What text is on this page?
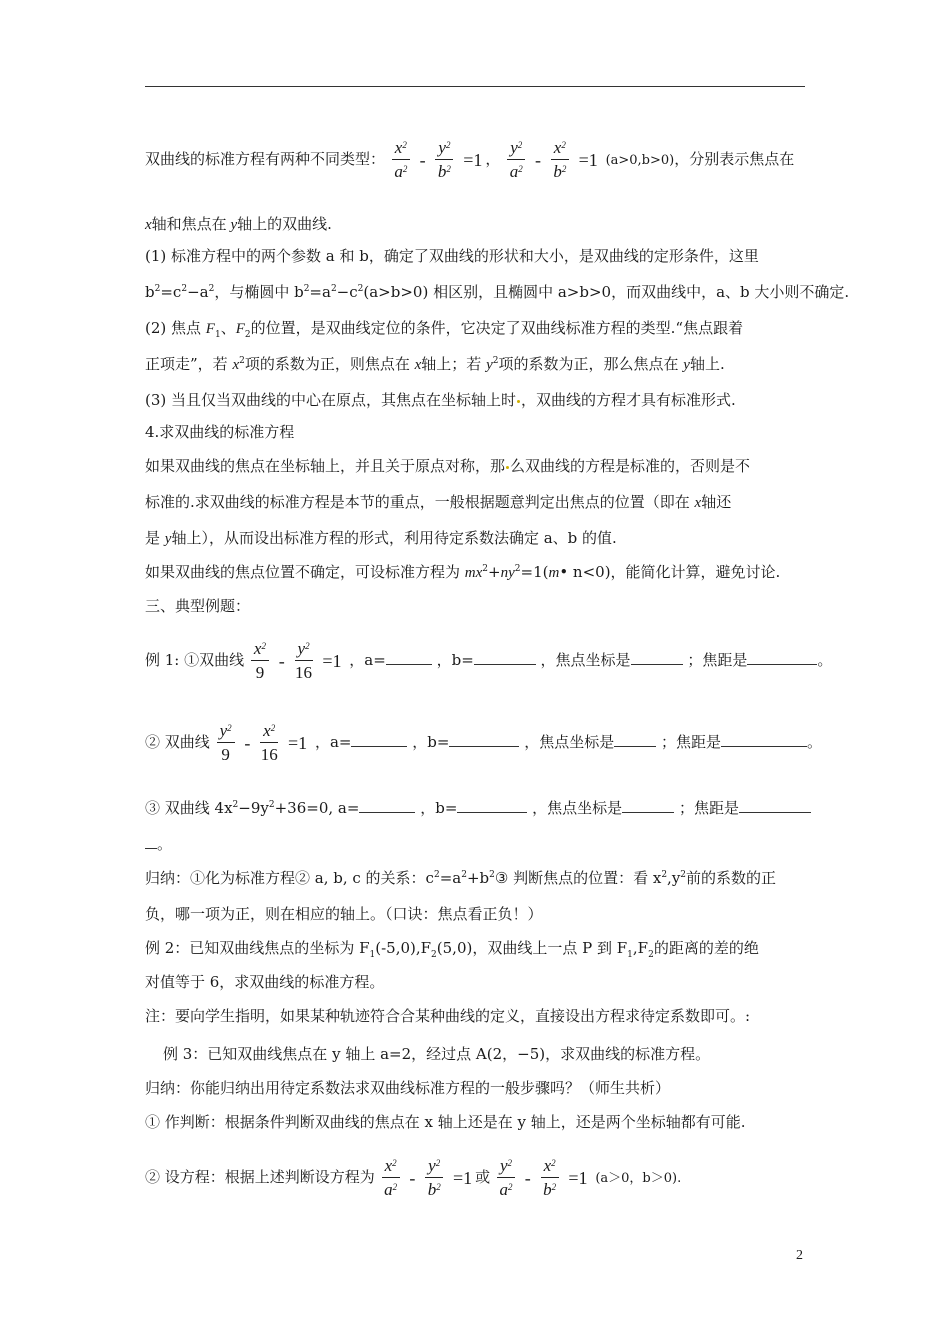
双曲线的标准方程有两种不同类型： $\frac{x^2}{a^2} - \frac{y^2}{b^2} =1$ ， $\frac{y^2}{a^2} - \frac{x^2}{b^2} =1$ (a>0,b>0)，分别表示焦点在
x轴和焦点在 y轴上的双曲线.
(1) 标准方程中的两个参数 a 和 b，确定了双曲线的形状和大小，是双曲线的定形条件，这里
$b^2=c^2-a^2$，与椭圆中 $b^2=a^2-c^2(a>b>0)$ 相区别，且椭圆中 a>b>0，而双曲线中，a、b 大小则不确定.
(2) 焦点 $F_1$、$F_2$的位置，是双曲线定位的条件，它决定了双曲线标准方程的类型.“焦点跟着
正项走”，若 $x^2$项的系数为正，则焦点在 x轴上；若 $y^2$项的系数为正，那么焦点在 y轴上.
(3) 当且仅当双曲线的中心在原点，其焦点在坐标轴上时 ，双曲线的方程才具有标准形式.
4.求双曲线的标准方程
如果双曲线的焦点在坐标轴上，并且关于原点对称，那 么双曲线的方程是标准的，否则是不
标准的.求双曲线的标准方程是本节的重点，一般根据题意判定出焦点的位置（即在 x轴还
是 y轴上），从而设出标准方程的形式，利用待定系数法确定 a、b 的值.
如果双曲线的焦点位置不确定，可设标准方程为 $mx^2+ny^2=1(m•$ n<0)，能简化计算，避免讨论.
三、典型例题：
例 1: ①双曲线 $\frac{x^2}{9} - \frac{y^2}{16} =1$ ，a=	，b=	，焦点坐标是	；焦距是	。
② 双曲线 $\frac{y^2}{9} - \frac{x^2}{16} =1$ ，a=	，b=	，焦点坐标是	；焦距是	。
③ 双曲线 $4x^2-9y^2+36=0$, a=	，b=	，焦点坐标是	；焦距是
。
归纳：①化为标准方程② a, b, c 的关系：$c^2=a^2+b^2③$ 判断焦点的位置：看 $x^2,y^2$前的系数的正
负，哪一项为正，则在相应的轴上。（口诀：焦点看正负！）
例 2：已知双曲线焦点的坐标为 $F_1(-5,0),F_2(5,0)$，双曲线上一点 P 到 $F_1,F_2$的距离的差的绝
对值等于 6，求双曲线的标准方程。
注：要向学生指明，如果某种轨迹符合合某种曲线的定义，直接设出方程求待定系数即可。:
例 3：已知双曲线焦点在 y 轴上 a=2，经过点 A(2，−5)，求双曲线的标准方程。
归纳：你能归纳出用待定系数法求双曲线标准方程的一般步骤吗？（师生共析）
① 作判断：根据条件判断双曲线的焦点在 x 轴上还是在 y 轴上，还是两个坐标轴都有可能.
② 设方程：根据上述判断设方程为 $\frac{x^2}{a^2} - \frac{y^2}{b^2} =1$ 或 $\frac{y^2}{a^2} - \frac{x^2}{b^2} =1$ (a＞0，b＞0).
2
